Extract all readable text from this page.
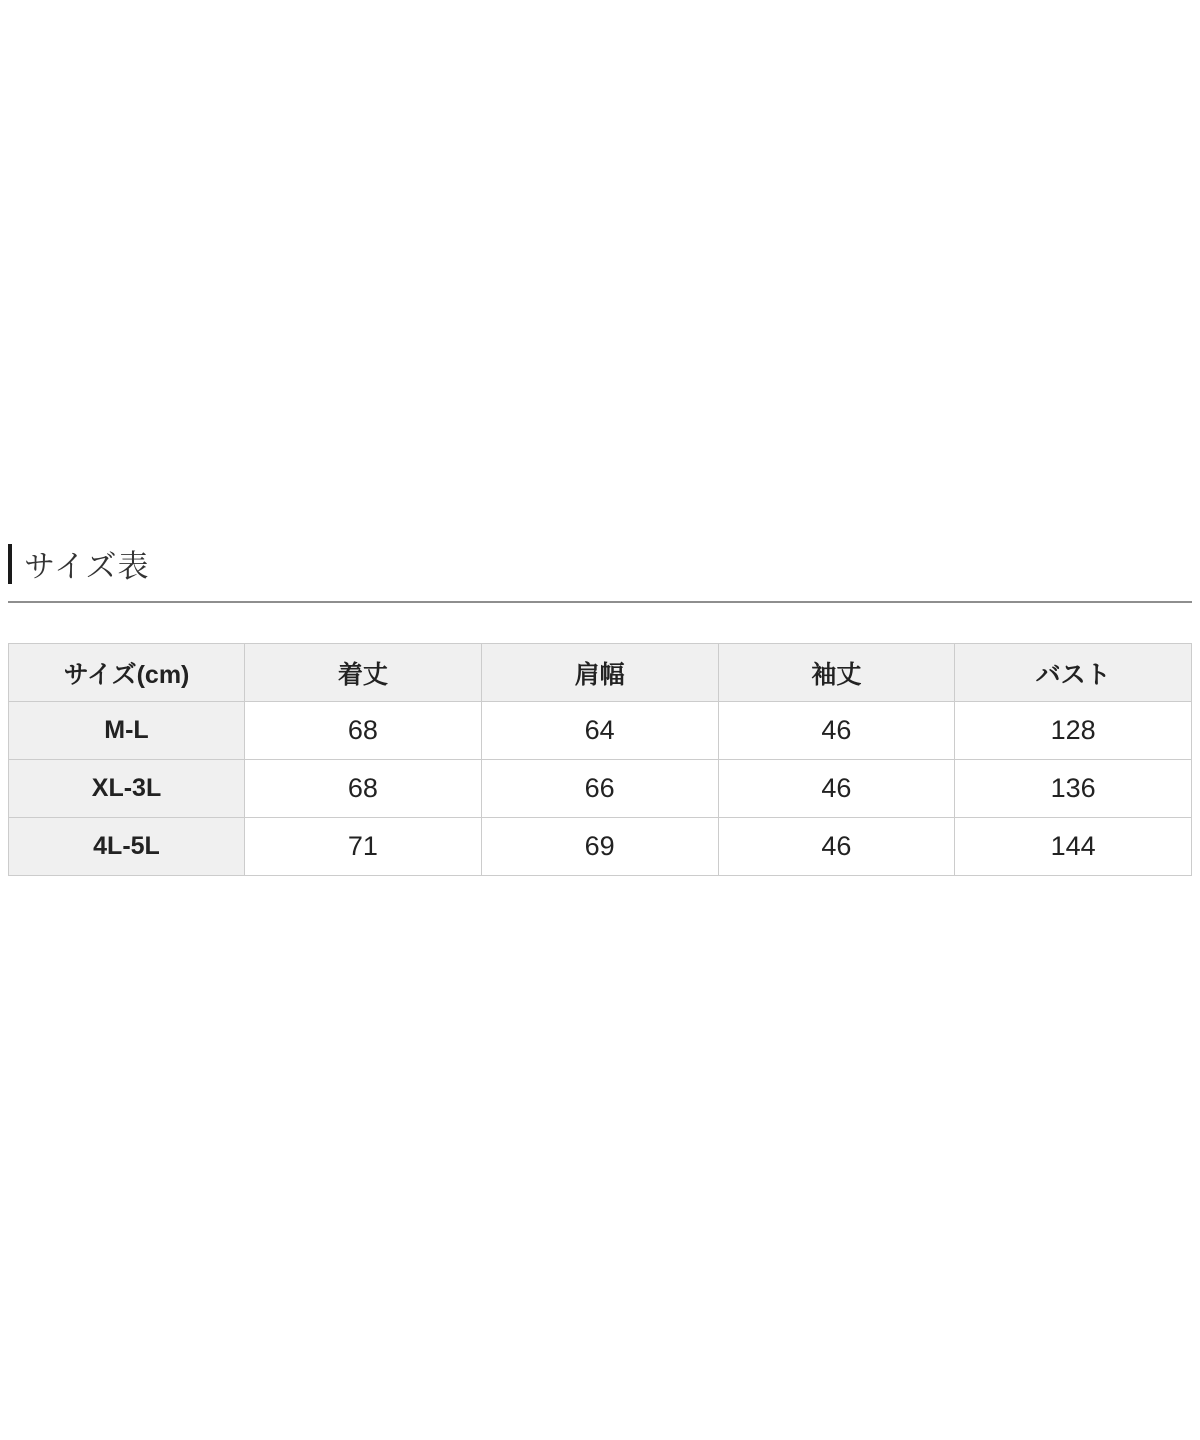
サイズ表
サイズ(cm)	着丈	肩幅	袖丈	バスト
M-L	68	64	46	128
XL-3L	68	66	46	136
4L-5L	71	69	46	144
